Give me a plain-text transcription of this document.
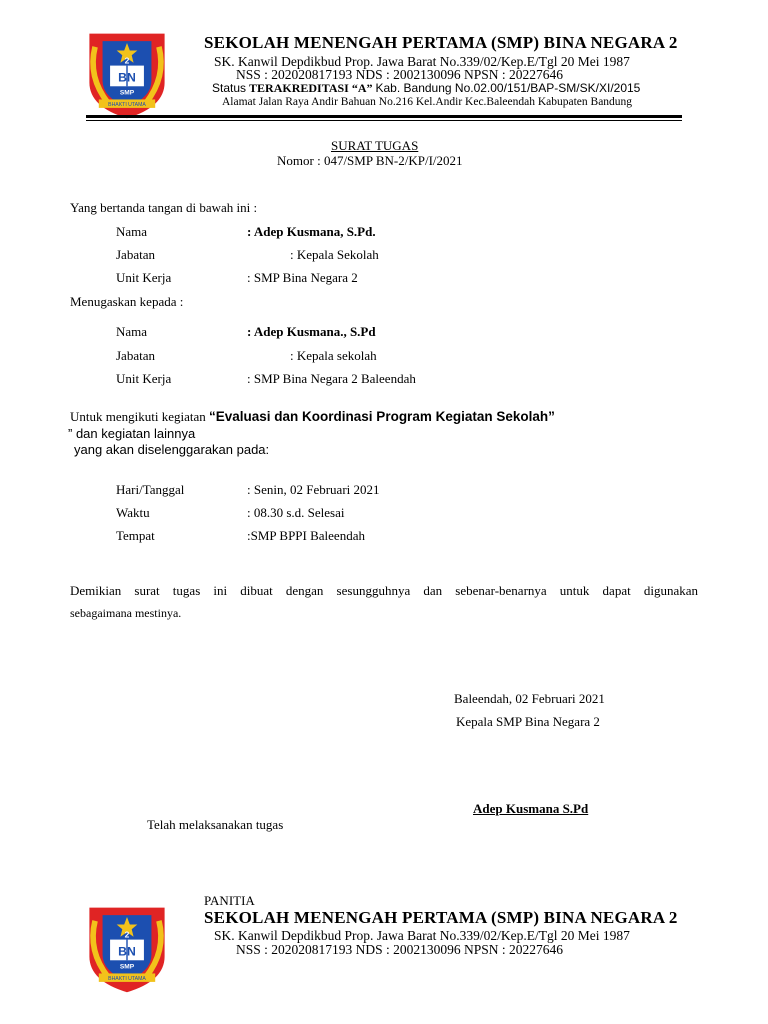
BN
2
SMP
BHAKTI UTAMA
SEKOLAH MENENGAH PERTAMA (SMP) BINA NEGARA 2
SK. Kanwil Depdikbud Prop. Jawa Barat No.339/02/Kep.E/Tgl 20 Mei 1987
NSS : 202020817193 NDS : 2002130096 NPSN : 20227646
Status TERAKREDITASI “A” Kab. Bandung No.02.00/151/BAP-SM/SK/XI/2015
Alamat Jalan Raya Andir Bahuan No.216 Kel.Andir Kec.Baleendah Kabupaten Bandung
SURAT TUGAS
Nomor : 047/SMP BN-2/KP/I/2021
Yang bertanda tangan di bawah ini :
Nama	: Adep Kusmana, S.Pd.
Jabatan	: Kepala Sekolah
Unit Kerja	: SMP Bina Negara 2
Menugaskan kepada :
Nama	: Adep Kusmana., S.Pd
Jabatan	: Kepala sekolah
Unit Kerja	: SMP Bina Negara 2 Baleendah
Untuk mengikuti kegiatan “Evaluasi dan Koordinasi Program Kegiatan Sekolah”
” dan kegiatan lainnya
yang akan diselenggarakan pada:
Hari/Tanggal	: Senin, 02 Februari 2021
Waktu	: 08.30 s.d. Selesai
Tempat	:SMP BPPI Baleendah
Demikian surat tugas ini dibuat dengan sesungguhnya dan sebenar-benarnya untuk dapat digunakan
sebagaimana mestinya.
Baleendah, 02 Februari 2021
Kepala SMP Bina Negara 2
Adep Kusmana S.Pd
Telah melaksanakan tugas
PANITIA
BN
2
SMP
BHAKTI UTAMA
SEKOLAH MENENGAH PERTAMA (SMP) BINA NEGARA 2
SK. Kanwil Depdikbud Prop. Jawa Barat No.339/02/Kep.E/Tgl 20 Mei 1987
NSS : 202020817193 NDS : 2002130096 NPSN : 20227646
